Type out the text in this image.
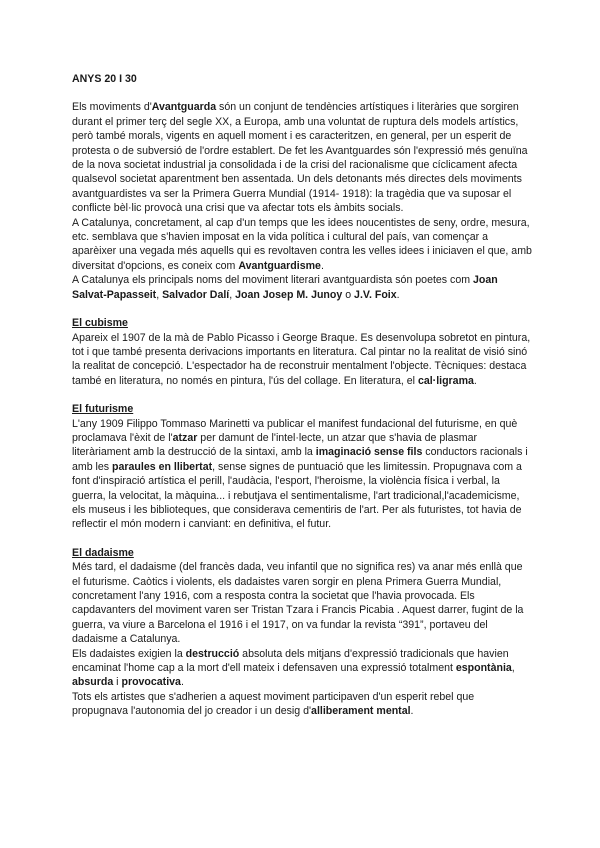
ANYS 20 I 30

Els moviments d'Avantguarda són un conjunt de tendències artístiques i literàries que sorgiren durant el primer terç del segle XX, a Europa, amb una voluntat de ruptura dels models artístics, però també morals, vigents en aquell moment i es caracteritzen, en general, per un esperit de protesta o de subversió de l'ordre establert. De fet les Avantguardes són l'expressió més genuïna de la nova societat industrial ja consolidada i de la crisi del racionalisme que cíclicament afecta qualsevol societat aparentment ben assentada. Un dels detonants més directes dels moviments avantguardistes va ser la Primera Guerra Mundial (1914- 1918): la tragèdia que va suposar el conflicte bèl·lic provocà una crisi que va afectar tots els àmbits socials.

A Catalunya, concretament, al cap d'un temps que les idees noucentistes de seny, ordre, mesura, etc. semblava que s'havien imposat en la vida política i cultural del país, van començar a aparèixer una vegada més aquells qui es revoltaven contra les velles idees i iniciaven el que, amb diversitat d'opcions, es coneix com Avantguardisme.

A Catalunya els principals noms del moviment literari avantguardista són poetes com Joan Salvat-Papasseit, Salvador Dalí, Joan Josep M. Junoy o J.V. Foix.

El cubisme

Apareix el 1907 de la mà de Pablo Picasso i George Braque. Es desenvolupa sobretot en pintura, tot i que també presenta derivacions importants en literatura. Cal pintar no la realitat de visió sinó la realitat de concepció. L'espectador ha de reconstruir mentalment l'objecte. Tècniques: destaca també en literatura, no només en pintura, l'ús del collage. En literatura, el cal·ligrama.

El futurisme

L'any 1909 Filippo Tommaso Marinetti va publicar el manifest fundacional del futurisme, en què proclamava l'èxit de l'atzar per damunt de l'intel·lecte, un atzar que s'havia de plasmar literàriament amb la destrucció de la sintaxi, amb la imaginació sense fils conductors racionals i amb les paraules en llibertat, sense signes de puntuació que les limitessin. Propugnava com a font d'inspiració artística el perill, l'audàcia, l'esport, l'heroisme, la violència física i verbal, la guerra, la velocitat, la màquina... i rebutjava el sentimentalisme, l'art tradicional,l'academicisme, els museus i les biblioteques, que considerava cementiris de l'art. Per als futuristes, tot havia de reflectir el món modern i canviant: en definitiva, el futur.

El dadaisme

Més tard, el dadaisme (del francès dada, veu infantil que no significa res) va anar més enllà que el futurisme. Caòtics i violents, els dadaistes varen sorgir en plena Primera Guerra Mundial, concretament l'any 1916, com a resposta contra la societat que l'havia provocada. Els capdavanters del moviment varen ser Tristan Tzara i Francis Picabia . Aquest darrer, fugint de la guerra, va viure a Barcelona el 1916 i el 1917, on va fundar la revista “391”, portaveu del dadaisme a Catalunya.

Els dadaistes exigien la destrucció absoluta dels mitjans d'expressió tradicionals que havien encaminat l'home cap a la mort d'ell mateix i defensaven una expressió totalment espontània, absurda i provocativa.

Tots els artistes que s'adherien a aquest moviment participaven d'un esperit rebel que propugnava l'autonomia del jo creador i un desig d'alliberament mental.
